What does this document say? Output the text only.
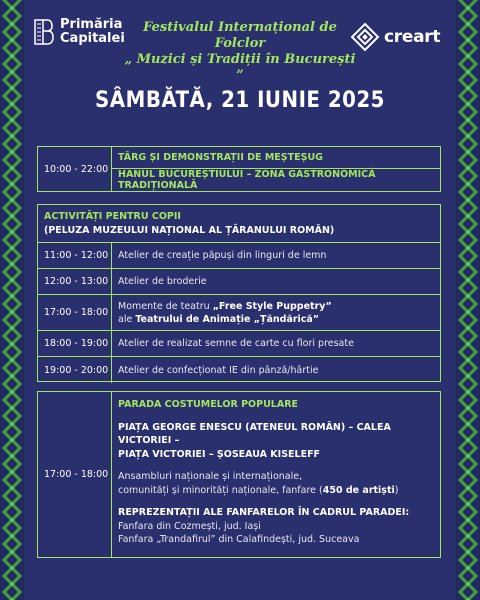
Primăria
Capitalei
Festivalul Internațional de Folclor
„ Muzici și Tradiții în București ”
creart
SÂMBĂTĂ, 21 IUNIE 2025
10:00 - 22:00
TÂRG ȘI DEMONSTRAȚII DE MEȘTEȘUG
HANUL BUCUREȘTIULUI – ZONĂ GASTRONOMICĂ TRADIȚIONALĂ
ACTIVITĂȚI PENTRU COPII
(PELUZA MUZEULUI NAȚIONAL AL ȚĂRANULUI ROMÂN)
11:00 - 12:00	Atelier de creație păpuși din linguri de lemn
12:00 - 13:00	Atelier de broderie
17:00 - 18:00
Momente de teatru „Free Style Puppetry”
ale Teatrului de Animație „Țăndărică”
18:00 - 19:00	Atelier de realizat semne de carte cu flori presate
19:00 - 20:00	Atelier de confecționat IE din pânză/hârtie
17:00 - 18:00

PARADA COSTUMELOR POPULARE

PIAȚA GEORGE ENESCU (ATENEUL ROMÂN) – CALEA VICTORIEI –
PIAȚA VICTORIEI – ȘOSEAUA KISELEFF

Ansambluri naționale și internaționale,
comunități și minorități naționale, fanfare (450 de artiști)

REPREZENTAȚII ALE FANFARELOR ÎN CADRUL PARADEI:
Fanfara din Cozmești, jud. Iași
Fanfara „Trandafirul” din Calafindești, jud. Suceava
